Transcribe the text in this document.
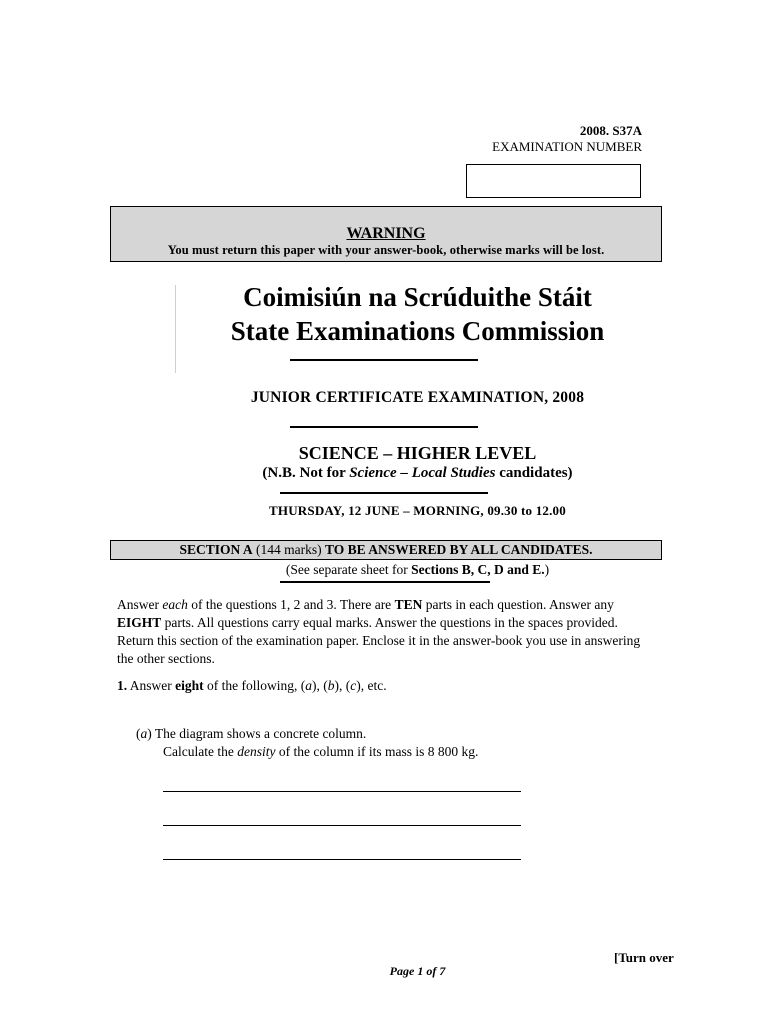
2008. S37A
EXAMINATION NUMBER
WARNING
You must return this paper with your answer-book, otherwise marks will be lost.
Coimisiún na Scrúduithe Stáit
State Examinations Commission
JUNIOR CERTIFICATE EXAMINATION, 2008
SCIENCE – HIGHER LEVEL
(N.B. Not for Science – Local Studies candidates)
THURSDAY, 12 JUNE – MORNING, 09.30 to 12.00
SECTION A (144 marks) TO BE ANSWERED BY ALL CANDIDATES.
(See separate sheet for Sections B, C, D and E.)
Answer each of the questions 1, 2 and 3. There are TEN parts in each question. Answer any EIGHT parts. All questions carry equal marks. Answer the questions in the spaces provided. Return this section of the examination paper. Enclose it in the answer-book you use in answering the other sections.
1. Answer eight of the following, (a), (b), (c), etc.
(a) The diagram shows a concrete column.
Calculate the density of the column if its mass is 8 800 kg.
[Turn over
Page 1 of 7
